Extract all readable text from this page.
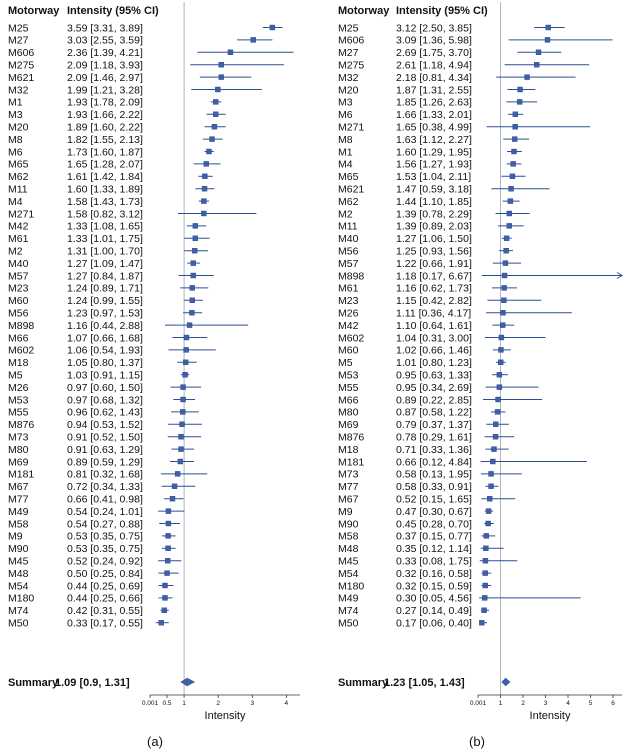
Motorway Intensity (95% CI)
M25	3.59 [3.31, 3.89]
M27	3.03 [2.55, 3.59]
M606	2.36 [1.39, 4.21]
M275	2.09 [1.18, 3.93]
M621	2.09 [1.46, 2.97]
M32	1.99 [1.21, 3.28]
M1	1.93 [1.78, 2.09]
M3	1.93 [1.66, 2.22]
M20	1.89 [1.60, 2.22]
M8	1.82 [1.55, 2.13]
M6	1.73 [1.60, 1.87]
M65	1.65 [1.28, 2.07]
M62	1.61 [1.42, 1.84]
M11	1.60 [1.33, 1.89]
M4	1.58 [1.43, 1.73]
M271	1.58 [0.82, 3.12]
M42	1.33 [1.08, 1.65]
M61	1.33 [1.01, 1.75]
M2	1.31 [1.00, 1.70]
M40	1.27 [1.09, 1.47]
M57	1.27 [0.84, 1.87]
M23	1.24 [0.89, 1.71]
M60	1.24 [0.99, 1.55]
M56	1.23 [0.97, 1.53]
M898	1.16 [0.44, 2.88]
M66	1.07 [0.66, 1.68]
M602	1.06 [0.54, 1.93]
M18	1.05 [0.80, 1.37]
M5	1.03 [0.91, 1.15]
M26	0.97 [0.60, 1.50]
M53	0.97 [0.68, 1.32]
M55	0.96 [0.62, 1.43]
M876	0.94 [0.53, 1.52]
M73	0.91 [0.52, 1.50]
M80	0.91 [0.63, 1.29]
M69	0.89 [0.59, 1.29]
M181	0.81 [0.32, 1.68]
M67	0.72 [0.34, 1.33]
M77	0.66 [0.41, 0.98]
M49	0.54 [0.24, 1.01]
M58	0.54 [0.27, 0.88]
M9	0.53 [0.35, 0.75]
M90	0.53 [0.35, 0.75]
M45	0.52 [0.24, 0.92]
M48	0.50 [0.25, 0.84]
M54	0.44 [0.25, 0.69]
M180	0.44 [0.25, 0.66]
M74	0.42 [0.31, 0.55]
M50	0.33 [0.17, 0.55]
Summary
1.09 [0.9, 1.31]
0.001 0.5 1	2	3	4
Intensity
(a)
Motorway Intensity (95% CI)
M25	3.12 [2.50, 3.85]
M606	3.09 [1.36, 5.98]
M27	2.69 [1.75, 3.70]
M275	2.61 [1.18, 4.94]
M32	2.18 [0.81, 4.34]
M20	1.87 [1.31, 2.55]
M3	1.85 [1.26, 2.63]
M6	1.66 [1.33, 2.01]
M271	1.65 [0.38, 4.99]
M8	1.63 [1.12, 2.27]
M1	1.60 [1.29, 1.95]
M4	1.56 [1.27, 1.93]
M65	1.53 [1.04, 2.11]
M621	1.47 [0.59, 3.18]
M62	1.44 [1.10, 1.85]
M2	1.39 [0.78, 2.29]
M11	1.39 [0.89, 2.03]
M40	1.27 [1.06, 1.50]
M56	1.25 [0.93, 1.56]
M57	1.22 [0.66, 1.91]
M898	1.18 [0.17, 6.67]
M61	1.16 [0.62, 1.73]
M23	1.15 [0.42, 2.82]
M26	1.11 [0.36, 4.17]
M42	1.10 [0.64, 1.61]
M602	1.04 [0.31, 3.00]
M60	1.02 [0.66, 1.46]
M5	1.01 [0.80, 1.23]
M53	0.95 [0.63, 1.33]
M55	0.95 [0.34, 2.69]
M66	0.89 [0.22, 2.85]
M80	0.87 [0.58, 1.22]
M69	0.79 [0.37, 1.37]
M876	0.78 [0.29, 1.61]
M18	0.71 [0.33, 1.36]
M181	0.66 [0.12, 4.84]
M73	0.58 [0.13, 1.95]
M77	0.58 [0.33, 0.91]
M67	0.52 [0.15, 1.65]
M9	0.47 [0.30, 0.67]
M90	0.45 [0.28, 0.70]
M58	0.37 [0.15, 0.77]
M48	0.35 [0.12, 1.14]
M45	0.33 [0.08, 1.75]
M54	0.32 [0.16, 0.58]
M180	0.32 [0.15, 0.59]
M49	0.30 [0.05, 4.56]
M74	0.27 [0.14, 0.49]
M50	0.17 [0.06, 0.40]
Summary
1.23 [1.05, 1.43]
0.001 1	2	3	4	5	6
Intensity
(b)
